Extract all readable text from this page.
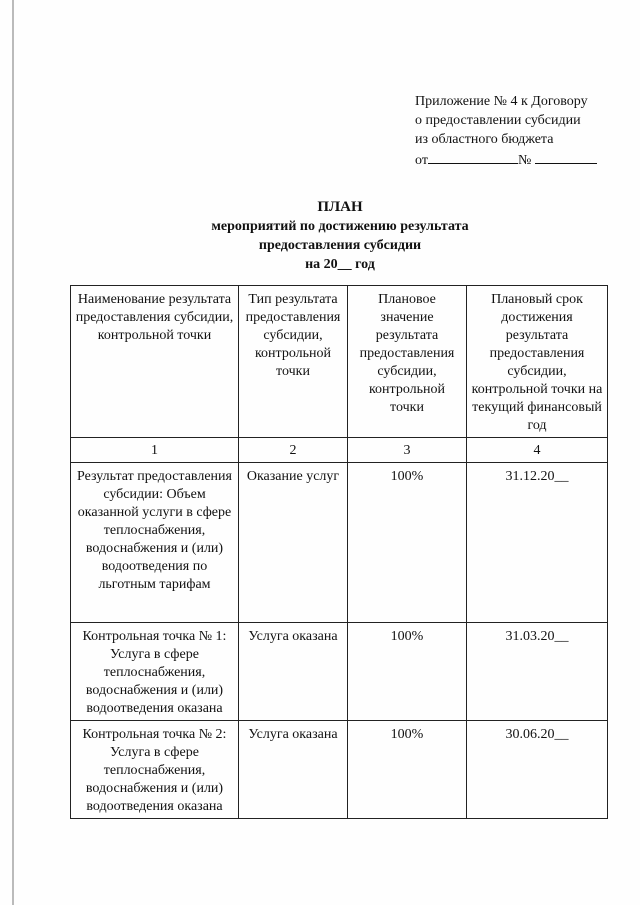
Приложение № 4 к Договору
о предоставлении субсидии
из областного бюджета
от	№
ПЛАН
мероприятий по достижению результата
предоставления субсидии
на 20__ год
Наименование результата предоставления субсидии, контрольной точки	Тип результата предоставления субсидии, контрольной точки	Плановое значение результата предоставления субсидии, контрольной точки	Плановый срок достижения результата предоставления субсидии, контрольной точки на текущий финансовый год
1	2	3	4
Результат предоставления субсидии: Объем оказанной услуги в сфере теплоснабжения, водоснабжения и (или) водоотведения по льготным тарифам	Оказание услуг	100%	31.12.20__
Контрольная точка № 1: Услуга в сфере теплоснабжения, водоснабжения и (или) водоотведения оказана	Услуга оказана	100%	31.03.20__
Контрольная точка № 2: Услуга в сфере теплоснабжения, водоснабжения и (или) водоотведения оказана	Услуга оказана	100%	30.06.20__
